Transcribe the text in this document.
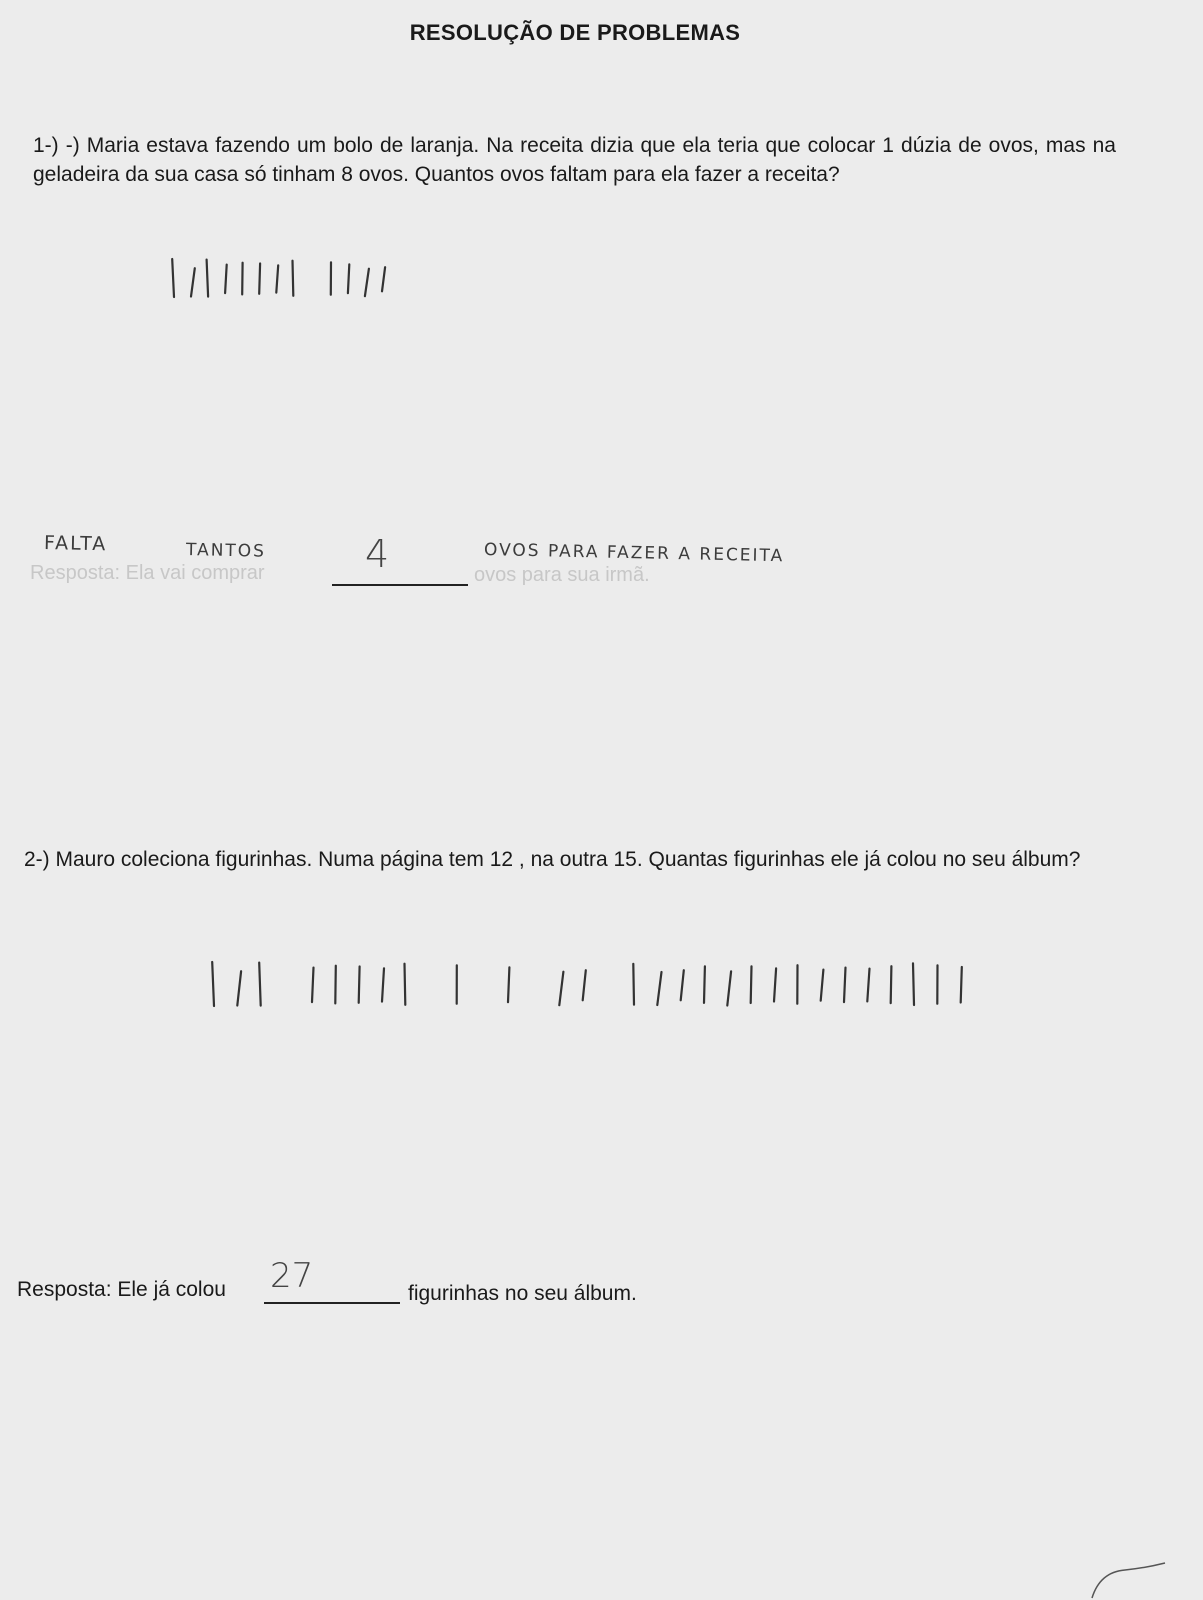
RESOLUÇÃO DE PROBLEMAS
1-) -) Maria estava fazendo um bolo de laranja. Na receita dizia que ela teria que colocar 1 dúzia de ovos, mas na geladeira da sua casa só tinham 8 ovos. Quantos ovos faltam para ela fazer a receita?
FALTA	TANTOS
Resposta: Ela vai comprar	4	ovos para sua irmã.
OVOS PARA FAZER A RECEITA
2-) Mauro coleciona figurinhas. Numa página tem 12 , na outra 15. Quantas figurinhas ele já colou no seu álbum?
Resposta: Ele já colou 27	figurinhas no seu álbum.
